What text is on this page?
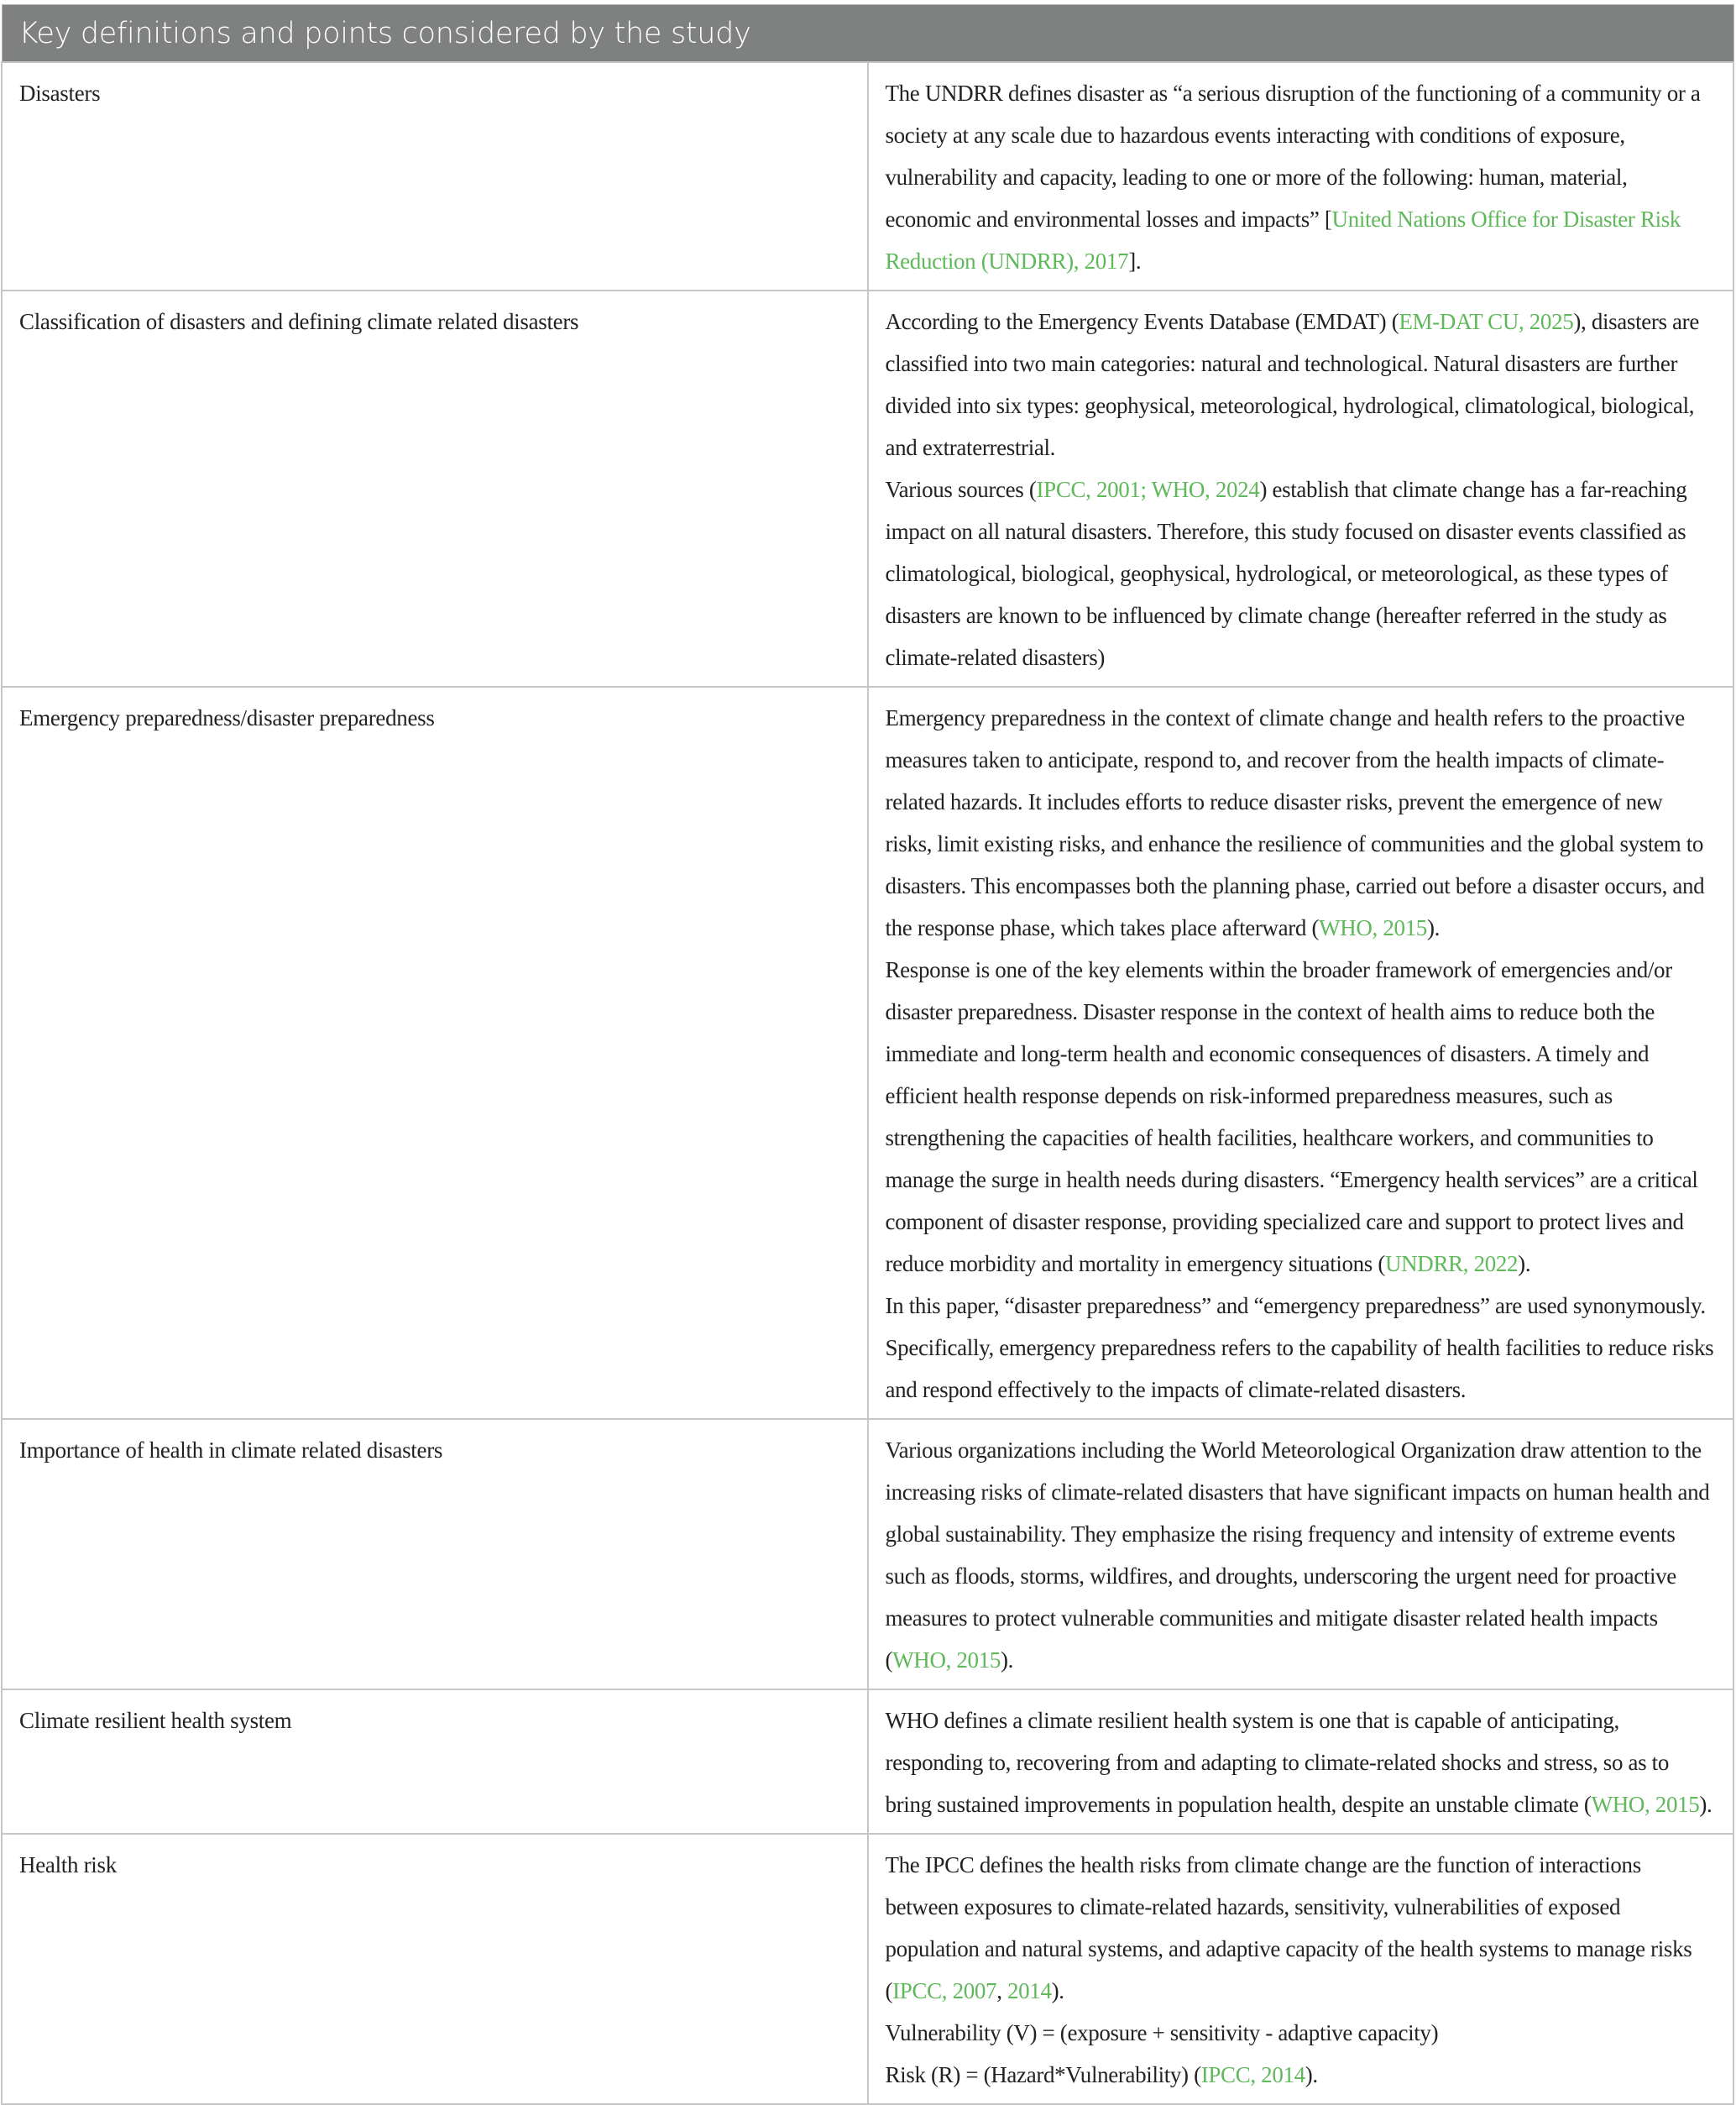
Key definitions and points considered by the study	
Disasters	The UNDRR defines disaster as “a serious disruption of the functioning of a community or a society at any scale due to hazardous events interacting with conditions of exposure, vulnerability and capacity, leading to one or more of the following: human, material, economic and environmental losses and impacts” [United Nations Office for Disaster Risk Reduction (UNDRR), 2017].

Classification of disasters and defining climate related disasters	According to the Emergency Events Database (EMDAT) (EM-DAT CU, 2025), disasters are classified into two main categories: natural and technological. Natural disasters are further divided into six types: geophysical, meteorological, hydrological, climatological, biological, and extraterrestrial.
Various sources (IPCC, 2001; WHO, 2024) establish that climate change has a far-reaching impact on all natural disasters. Therefore, this study focused on disaster events classified as climatological, biological, geophysical, hydrological, or meteorological, as these types of disasters are known to be influenced by climate change (hereafter referred in the study as climate-related disasters)

Emergency preparedness/disaster preparedness	Emergency preparedness in the context of climate change and health refers to the proactive measures taken to anticipate, respond to, and recover from the health impacts of climate-related hazards. It includes efforts to reduce disaster risks, prevent the emergence of new risks, limit existing risks, and enhance the resilience of communities and the global system to disasters. This encompasses both the planning phase, carried out before a disaster occurs, and the response phase, which takes place afterward (WHO, 2015).
Response is one of the key elements within the broader framework of emergencies and/or disaster preparedness. Disaster response in the context of health aims to reduce both the immediate and long-term health and economic consequences of disasters. A timely and efficient health response depends on risk-informed preparedness measures, such as strengthening the capacities of health facilities, healthcare workers, and communities to manage the surge in health needs during disasters. “Emergency health services” are a critical component of disaster response, providing specialized care and support to protect lives and reduce morbidity and mortality in emergency situations (UNDRR, 2022).
In this paper, “disaster preparedness” and “emergency preparedness” are used synonymously. Specifically, emergency preparedness refers to the capability of health facilities to reduce risks and respond effectively to the impacts of climate-related disasters.

Importance of health in climate related disasters	Various organizations including the World Meteorological Organization draw attention to the increasing risks of climate-related disasters that have significant impacts on human health and global sustainability. They emphasize the rising frequency and intensity of extreme events such as floods, storms, wildfires, and droughts, underscoring the urgent need for proactive measures to protect vulnerable communities and mitigate disaster related health impacts (WHO, 2015).

Climate resilient health system	WHO defines a climate resilient health system is one that is capable of anticipating, responding to, recovering from and adapting to climate-related shocks and stress, so as to bring sustained improvements in population health, despite an unstable climate (WHO, 2015).

Health risk	The IPCC defines the health risks from climate change are the function of interactions between exposures to climate-related hazards, sensitivity, vulnerabilities of exposed population and natural systems, and adaptive capacity of the health systems to manage risks (IPCC, 2007, 2014).
Vulnerability (V) = (exposure + sensitivity - adaptive capacity)
Risk (R) = (Hazard*Vulnerability) (IPCC, 2014).
